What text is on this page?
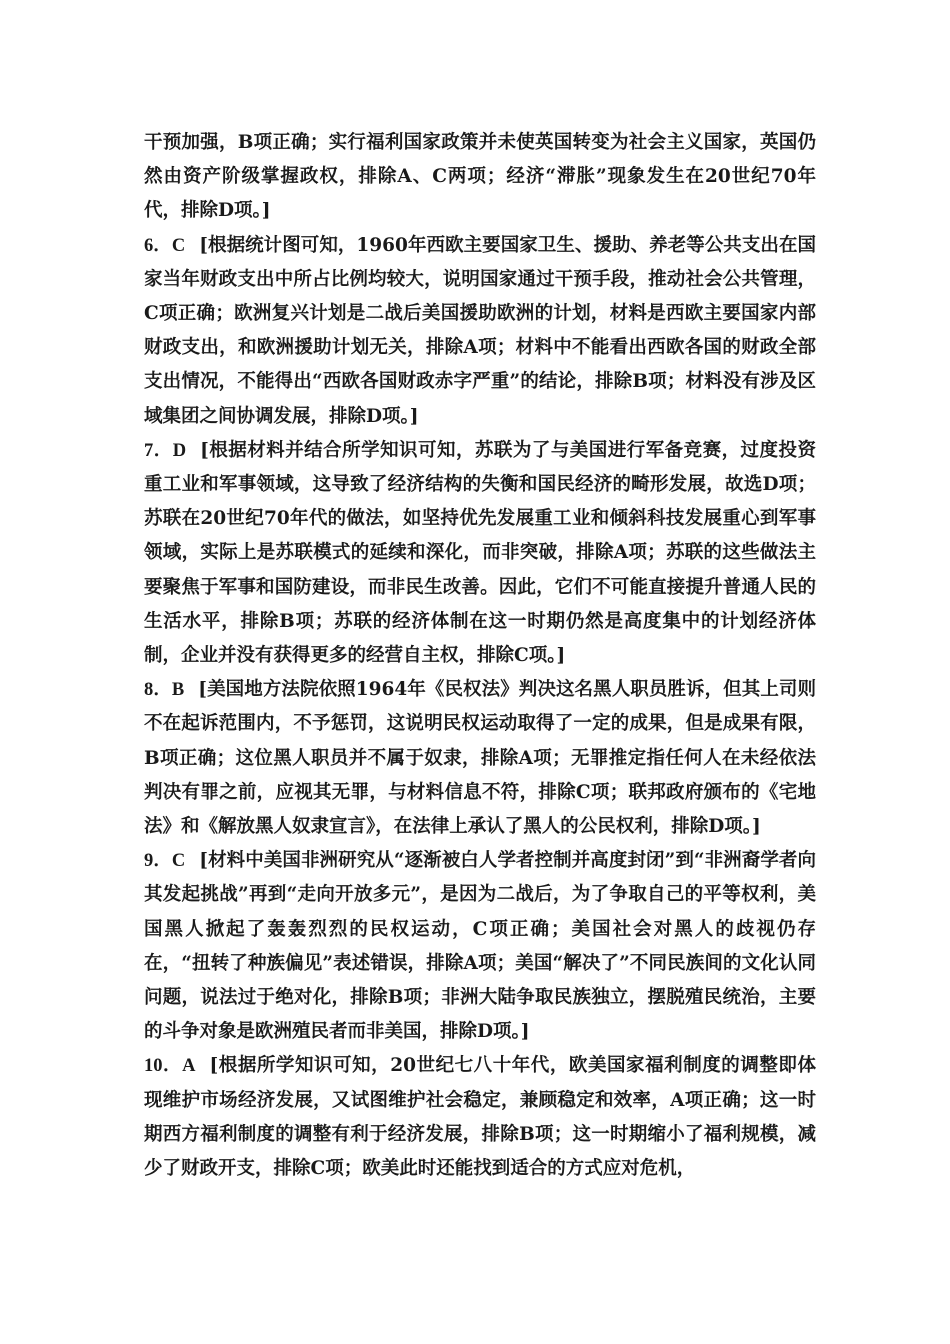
干预加强，B项正确；实行福利国家政策并未使英国转变为社会主义国家，英国仍然由资产阶级掌握政权，排除A、C两项；经济“滞胀”现象发生在20世纪70年代，排除D项。]

6．C [根据统计图可知，1960年西欧主要国家卫生、援助、养老等公共支出在国家当年财政支出中所占比例均较大，说明国家通过干预手段，推动社会公共管理，C项正确；欧洲复兴计划是二战后美国援助欧洲的计划，材料是西欧主要国家内部财政支出，和欧洲援助计划无关，排除A项；材料中不能看出西欧各国的财政全部支出情况，不能得出“西欧各国财政赤字严重”的结论，排除B项；材料没有涉及区域集团之间协调发展，排除D项。]

7．D [根据材料并结合所学知识可知，苏联为了与美国进行军备竞赛，过度投资重工业和军事领域，这导致了经济结构的失衡和国民经济的畸形发展，故选D项；苏联在20世纪70年代的做法，如坚持优先发展重工业和倾斜科技发展重心到军事领域，实际上是苏联模式的延续和深化，而非突破，排除A项；苏联的这些做法主要聚焦于军事和国防建设，而非民生改善。因此，它们不可能直接提升普通人民的生活水平，排除B项；苏联的经济体制在这一时期仍然是高度集中的计划经济体制，企业并没有获得更多的经营自主权，排除C项。]

8．B [美国地方法院依照1964年《民权法》判决这名黑人职员胜诉，但其上司则不在起诉范围内，不予惩罚，这说明民权运动取得了一定的成果，但是成果有限，B项正确；这位黑人职员并不属于奴隶，排除A项；无罪推定指任何人在未经依法判决有罪之前，应视其无罪，与材料信息不符，排除C项；联邦政府颁布的《宅地法》和《解放黑人奴隶宣言》，在法律上承认了黑人的公民权利，排除D项。]

9．C [材料中美国非洲研究从“逐渐被白人学者控制并高度封闭”到“非洲裔学者向其发起挑战”再到“走向开放多元”，是因为二战后，为了争取自己的平等权利，美国黑人掀起了轰轰烈烈的民权运动，C项正确；美国社会对黑人的歧视仍存在，“扭转了种族偏见”表述错误，排除A项；美国“解决了”不同民族间的文化认同问题，说法过于绝对化，排除B项；非洲大陆争取民族独立，摆脱殖民统治，主要的斗争对象是欧洲殖民者而非美国，排除D项。]

10．A [根据所学知识可知，20世纪七八十年代，欧美国家福利制度的调整即体现维护市场经济发展，又试图维护社会稳定，兼顾稳定和效率，A项正确；这一时期西方福利制度的调整有利于经济发展，排除B项；这一时期缩小了福利规模，减少了财政开支，排除C项；欧美此时还能找到适合的方式应对危机，
